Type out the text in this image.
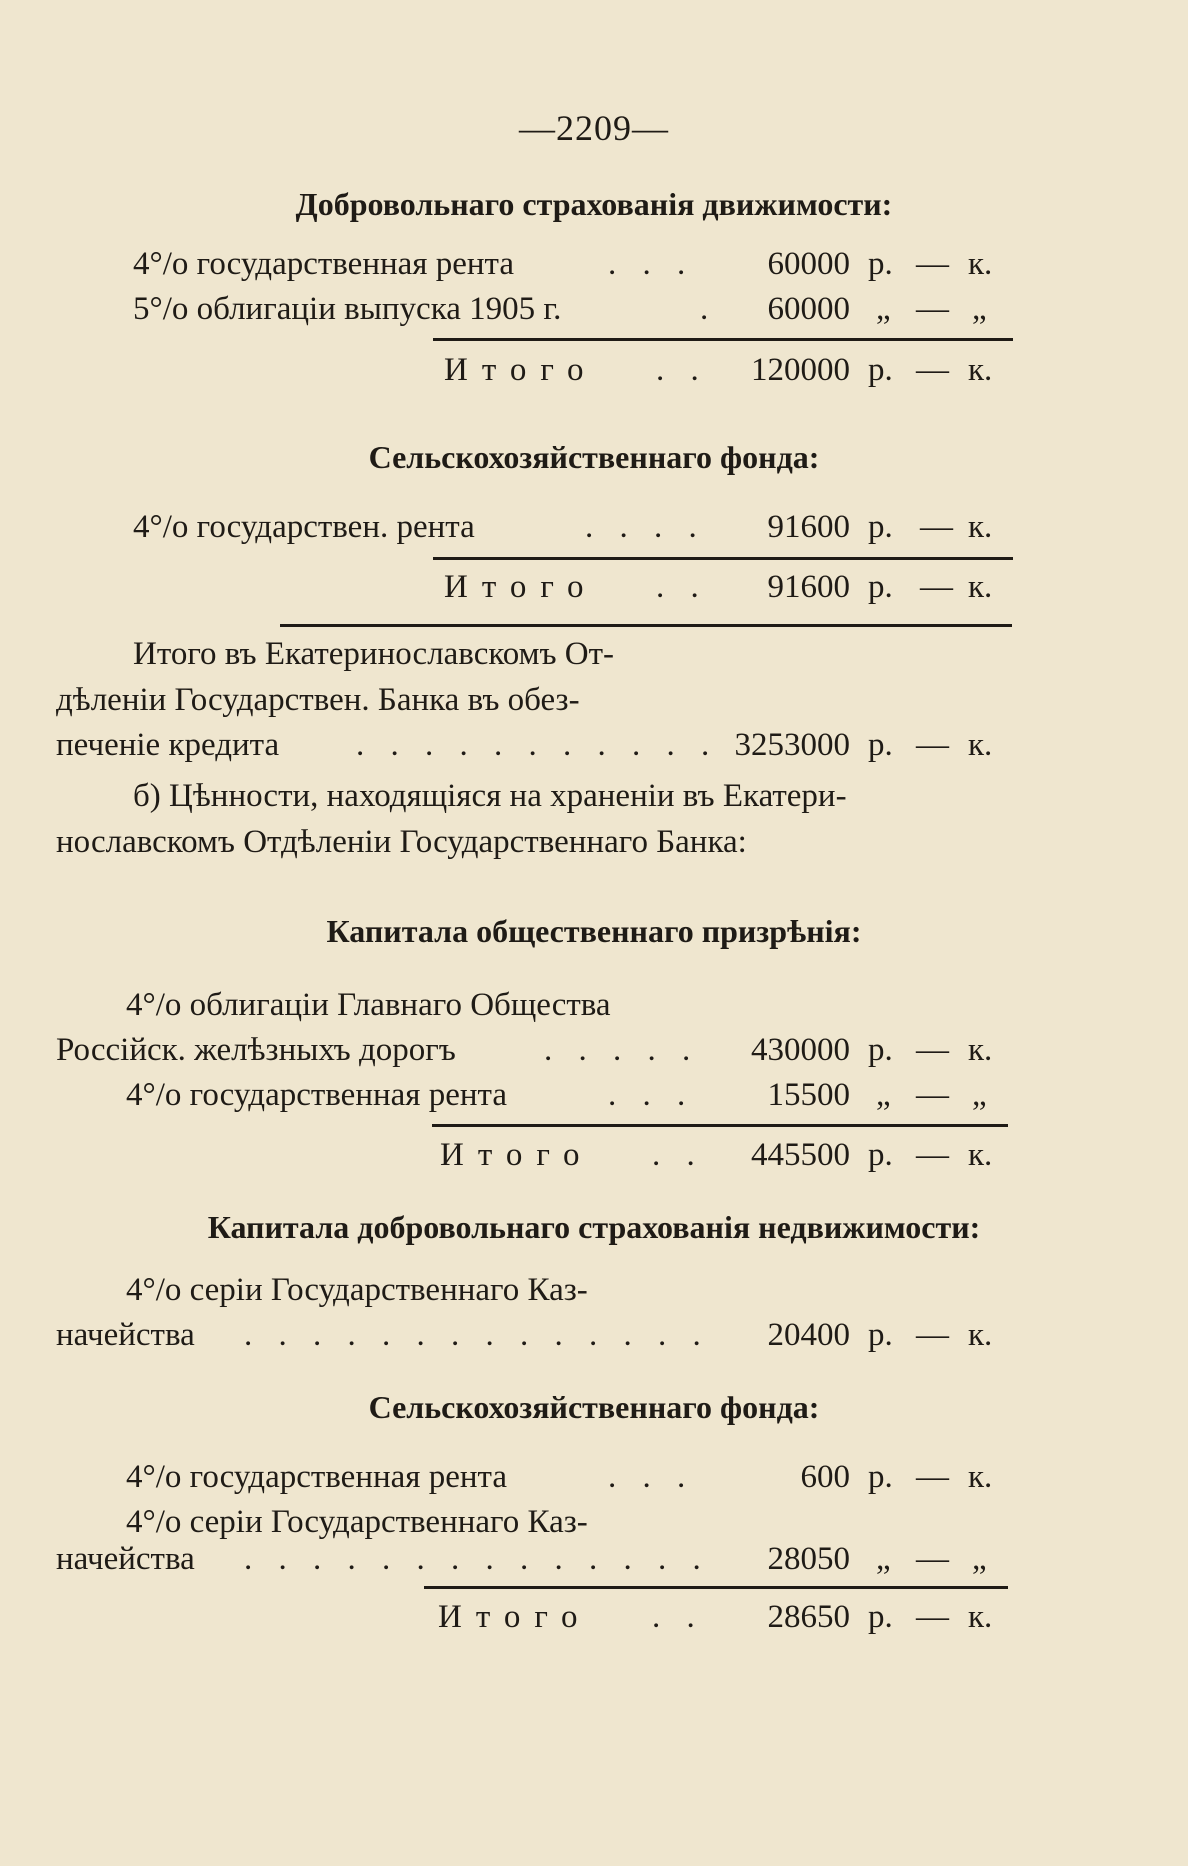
—2209—
Добровольнаго страхованія движимости:
4°/o государственная рента	. . .	60000 р. — к.
5°/o облигаціи выпуска 1905 г.	.	60000 „ — „
Итого . .	120000 р. — к.
Сельскохозяйственнаго фонда:
4°/o государствен. рента	. . . .	91600 р. — к.
Итого . .	91600 р. — к.
Итого въ Екатеринославскомъ От-
дѣленіи Государствен. Банка въ обез-
печеніе кредита . . . . . . . . . . . 3253000 р. — к.
б) Цѣнности, находящіяся на храненіи въ Екатери-
нославскомъ Отдѣленіи Государственнаго Банка:
Капитала общественнаго призрѣнія:
4°/o облигаціи Главнаго Общества
Россійск. желѣзныхъ дорогъ	. . . . .	430000 р. — к.
4°/o государственная рента	. . .	15500 „ — „
Итого . .	445500 р. — к.
Капитала добровольнаго страхованія недвижимости:
4°/o серіи Государственнаго Каз-
начейства . . . . . . . . . . . . . .	20400 р. — к.
Сельскохозяйственнаго фонда:
4°/o государственная рента	. . .	600 р. — к.
4°/o серіи Государственнаго Каз-
начейства . . . . . . . . . . . . . .	28050 „ — „
Итого . .	28650 р. — к.
